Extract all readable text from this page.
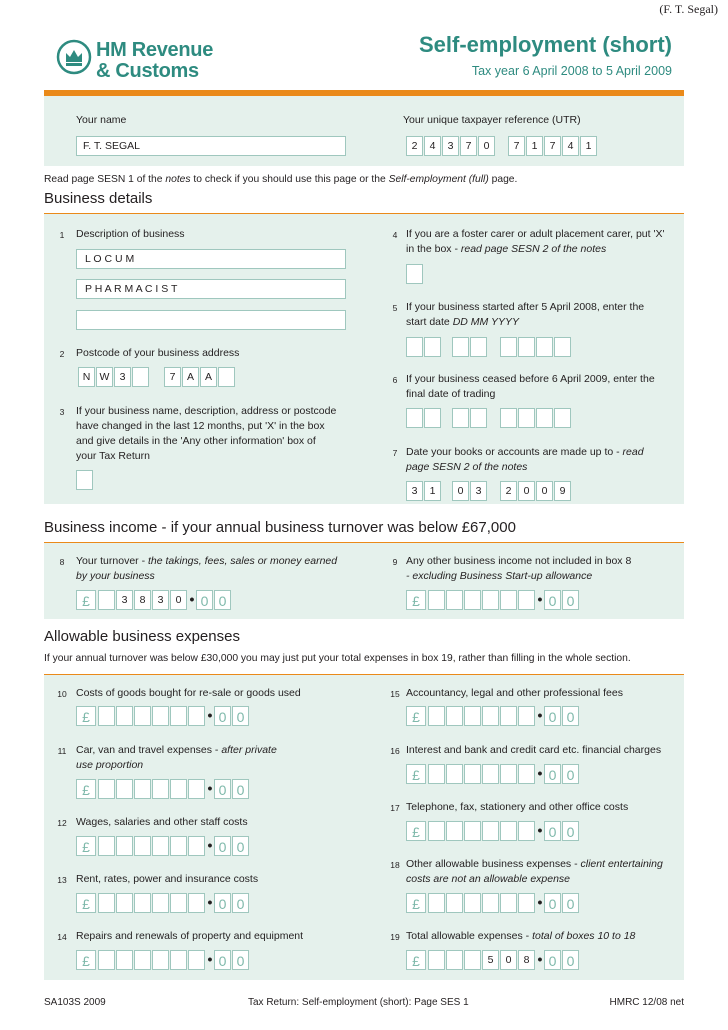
(F. T. Segal)
HM Revenue
& Customs
Self-employment (short)
Tax year 6 April 2008 to 5 April 2009
Your name
F. T. SEGAL
Your unique taxpayer reference (UTR)
2	4	3	7	0	7	1	7	4	1
Read page SESN 1 of the notes to check if you should use this page or the Self-employment (full) page.
Business details
1	Description of business
L O C U M
P H A R M A C I S T
2	Postcode of your business address
N W 3	7	A	A
3	If your business name, description, address or postcode
have changed in the last 12 months, put 'X' in the box
and give details in the 'Any other information' box of
your Tax Return
4 If you are a foster carer or adult placement carer, put 'X'
in the box - read page SESN 2 of the notes
5 If your business started after 5 April 2008, enter the
start date DD MM YYYY
6 If your business ceased before 6 April 2009, enter the
final date of trading
7 Date your books or accounts are made up to - read
page SESN 2 of the notes
3	1	0	3	2	0	0	9
Business income - if your annual business turnover was below £67,000
8	Your turnover - the takings, fees, sales or money earned
by your business
£	3	8	3	0 • 0 0
9 Any other business income not included in box 8
- excluding Business Start-up allowance
£	• 0 0
Allowable business expenses
If your annual turnover was below £30,000 you may just put your total expenses in box 19, rather than filling in the whole section.
10 Costs of goods bought for re-sale or goods used
£	• 0 0
11 Car, van and travel expenses - after private
use proportion
£	• 0 0
12 Wages, salaries and other staff costs
£	• 0 0
13 Rent, rates, power and insurance costs
£	• 0 0
14 Repairs and renewals of property and equipment
£	• 0 0
15 Accountancy, legal and other professional fees
£	• 0 0
16 Interest and bank and credit card etc. financial charges
£	• 0 0
17 Telephone, fax, stationery and other office costs
£	• 0 0
18 Other allowable business expenses - client entertaining
costs are not an allowable expense
£	• 0 0
19 Total allowable expenses - total of boxes 10 to 18
£	5	0	8 • 0 0
SA103S 2009	Tax Return: Self-employment (short): Page SES 1	HMRC 12/08 net
